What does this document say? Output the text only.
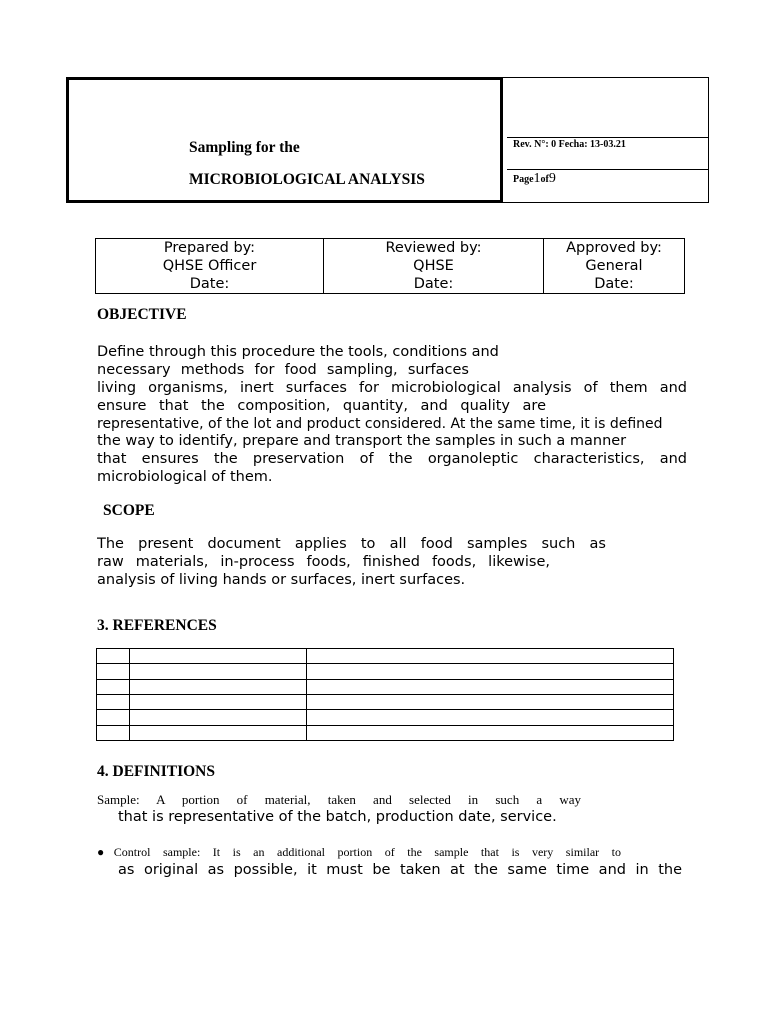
Sampling for the
MICROBIOLOGICAL ANALYSIS
Rev. N°: 0 Fecha: 13-03.21
Page1of9
Prepared by:
QHSE Officer
Date:

Reviewed by:
QHSE
Date:

Approved by:
General
Date:
OBJECTIVE
Define through this procedure the tools, conditions and
necessary methods for food sampling, surfaces
living organisms, inert surfaces for microbiological analysis of them and
ensure that the composition, quantity, and quality are
representative, of the lot and product considered. At the same time, it is defined
the way to identify, prepare and transport the samples in such a manner
that ensures the preservation of the organoleptic characteristics, and
microbiological of them.
SCOPE
The present document applies to all food samples such as
raw materials, in-process foods, finished foods, likewise,
analysis of living hands or surfaces, inert surfaces.
3. REFERENCES

4. DEFINITIONS
Sample: A portion of material, taken and selected in such a way
that is representative of the batch, production date, service.
●Control sample: It is an additional portion of the sample that is very similar to
as original as possible, it must be taken at the same time and in the
